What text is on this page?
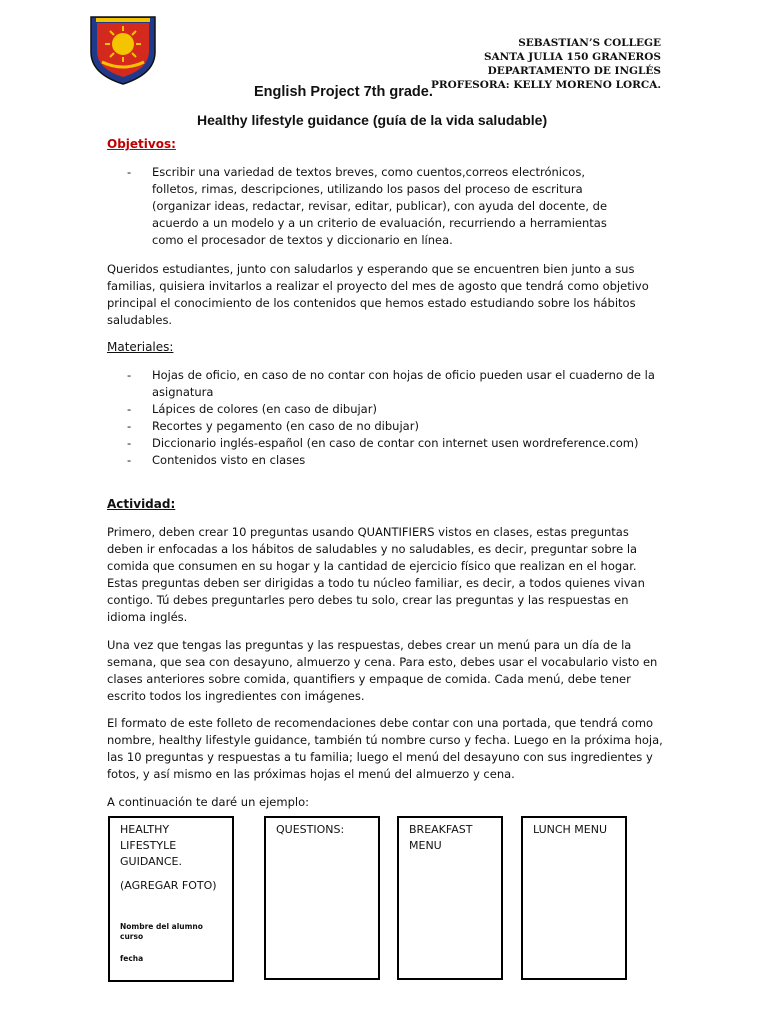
SEBASTIAN’S COLLEGE
SANTA JULIA 150 GRANEROS
DEPARTAMENTO DE INGLÉS
PROFESORA: KELLY MORENO LORCA.
English Project 7th grade.
Healthy lifestyle guidance (guía de la vida saludable)
Objetivos:
- Escribir una variedad de textos breves, como cuentos,correos electrónicos, folletos, rimas, descripciones, utilizando los pasos del proceso de escritura (organizar ideas, redactar, revisar, editar, publicar), con ayuda del docente, de acuerdo a un modelo y a un criterio de evaluación, recurriendo a herramientas como el procesador de textos y diccionario en línea.
Queridos estudiantes, junto con saludarlos y esperando que se encuentren bien junto a sus familias, quisiera invitarlos a realizar el proyecto del mes de agosto que tendrá como objetivo principal el conocimiento de los contenidos que hemos estado estudiando sobre los hábitos saludables.
Materiales:
- Hojas de oficio, en caso de no contar con hojas de oficio pueden usar el cuaderno de la asignatura
- Lápices de colores (en caso de dibujar)
- Recortes y pegamento (en caso de no dibujar)
- Diccionario inglés-español (en caso de contar con internet usen wordreference.com)
- Contenidos visto en clases
Actividad:
Primero, deben crear 10 preguntas usando QUANTIFIERS vistos en clases, estas preguntas deben ir enfocadas a los hábitos de saludables y no saludables, es decir, preguntar sobre la comida que consumen en su hogar y la cantidad de ejercicio físico que realizan en el hogar. Estas preguntas deben ser dirigidas a todo tu núcleo familiar, es decir, a todos quienes vivan contigo. Tú debes preguntarles pero debes tu solo, crear las preguntas y las respuestas en idioma inglés.
Una vez que tengas las preguntas y las respuestas, debes crear un menú para un día de la semana, que sea con desayuno, almuerzo y cena. Para esto, debes usar el vocabulario visto en clases anteriores sobre comida, quantifiers y empaque de comida. Cada menú, debe tener escrito todos los ingredientes con imágenes.
El formato de este folleto de recomendaciones debe contar con una portada, que tendrá como nombre, healthy lifestyle guidance, también tú nombre curso y fecha. Luego en la próxima hoja, las 10 preguntas y respuestas a tu familia; luego el menú del desayuno con sus ingredientes y fotos, y así mismo en las próximas hojas el menú del almuerzo y cena.
A continuación te daré un ejemplo:
HEALTHY LIFESTYLE GUIDANCE.
(AGREGAR FOTO)
Nombre del alumno
curso
fecha
QUESTIONS:	BREAKFAST MENU
LUNCH MENU
